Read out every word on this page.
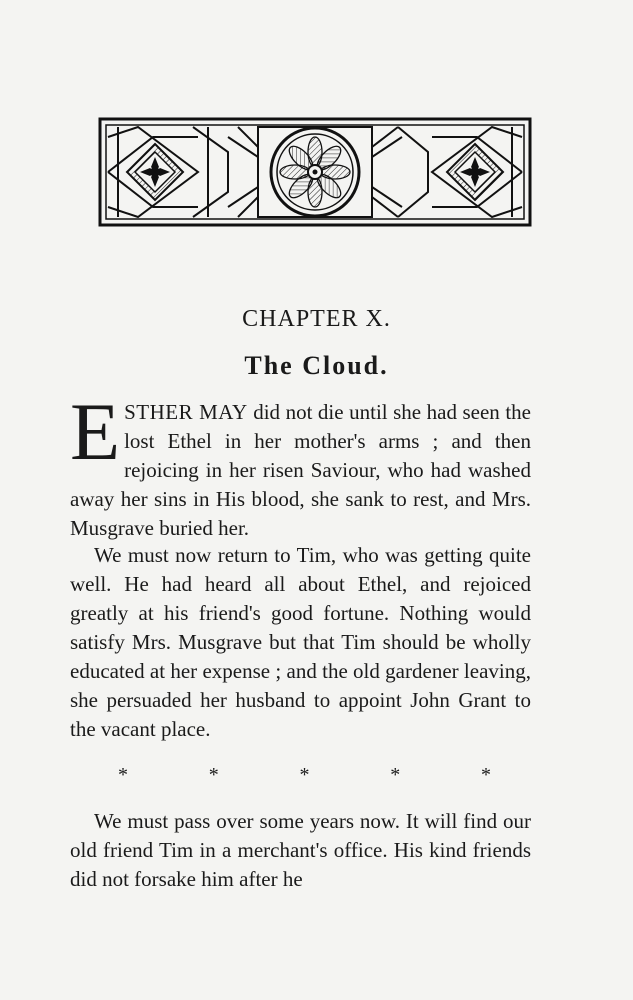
CHAPTER X.
The Cloud.

ESTHER MAY did not die until she had seen the lost Ethel in her mother's arms ; and then rejoicing in her risen Saviour, who had washed away her sins in His blood, she sank to rest, and Mrs. Musgrave buried her.

We must now return to Tim, who was getting quite well. He had heard all about Ethel, and rejoiced greatly at his friend's good fortune. Nothing would satisfy Mrs. Musgrave but that Tim should be wholly educated at her expense ; and the old gardener leaving, she persuaded her husband to appoint John Grant to the vacant place.

*	*	*	*	*

We must pass over some years now. It will find our old friend Tim in a merchant's office. His kind friends did not forsake him after he
